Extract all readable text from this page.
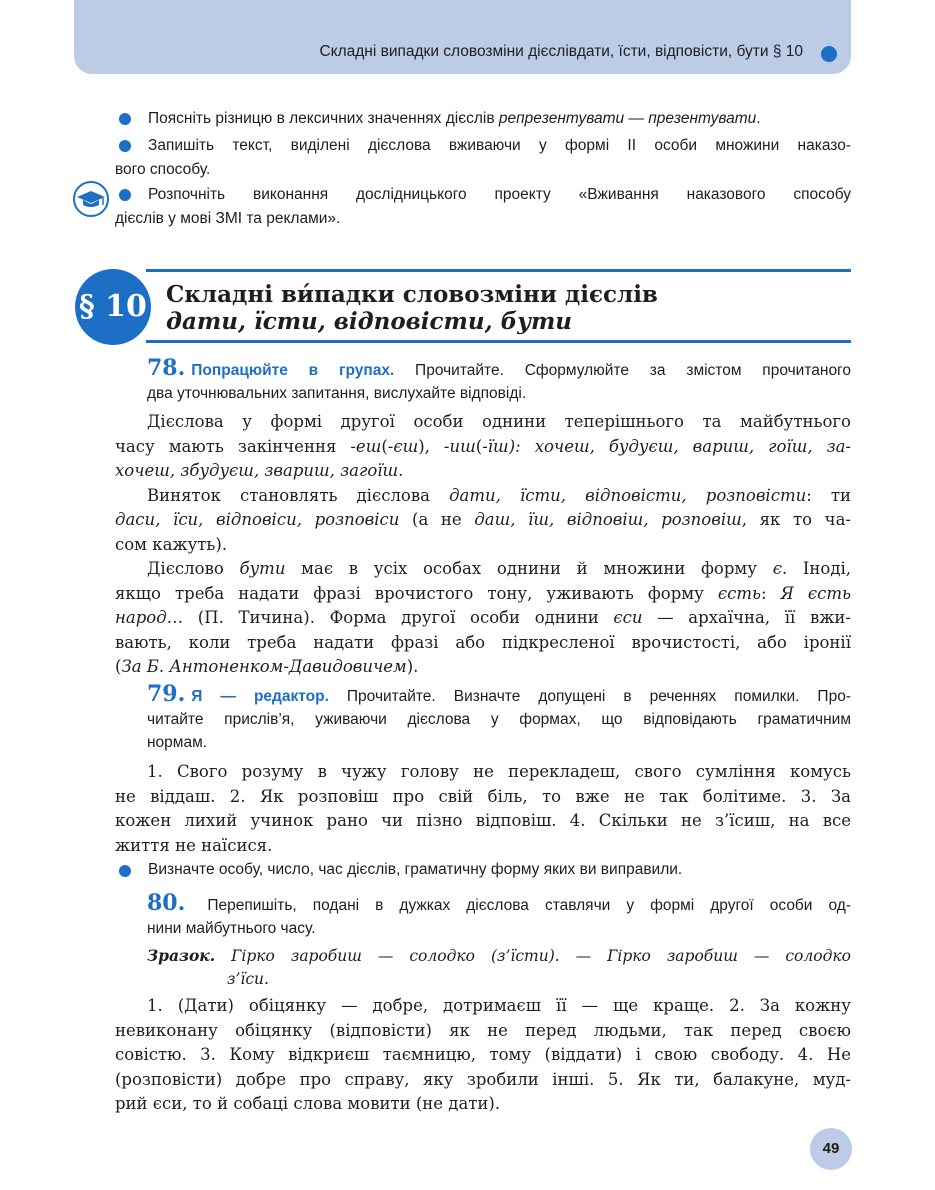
Складні випадки словозміни дієслівдати, їсти, відповісти, бути § 10
Поясніть різницю в лексичних значеннях дієслів репрезентувати — презентувати.
Запишіть текст, виділені дієслова вживаючи у формі ІІ особи множини наказо-
вого способу.
Розпочніть виконання дослідницького проекту «Вживання наказового способу
дієслів у мові ЗМІ та реклами».
§ 10 Складні ви́падки словозміни дієслів
дати, їсти, відповісти, бути
78. Попрацюйте в групах. Прочитайте. Сформулюйте за змістом прочитаного
два уточнювальних запитання, вислухайте відповіді.
Дієслова у формі другої особи однини теперішнього та майбутнього
часу мають закінчення -еш(-єш), -иш(-їш): хочеш, будуєш, вариш, гоїш, за-
хочеш, збудуєш, звариш, загоїш.
Виняток становлять дієслова дати, їсти, відповісти, розповісти: ти
даси, їси, відповіси, розповіси (а не даш, їш, відповіш, розповіш, як то ча-
сом кажуть).
Дієслово бути має в усіх особах однини й множини форму є. Іноді,
якщо треба надати фразі врочистого тону, уживають форму єсть: Я єсть
народ… (П. Тичина). Форма другої особи однини єси — архаїчна, її вжи-
вають, коли треба надати фразі або підкресленої врочистості, або іронії
(За Б. Антоненком-Давидовичем).
79. Я — редактор. Прочитайте. Визначте допущені в реченнях помилки. Про-
читайте прислів’я, уживаючи дієслова у формах, що відповідають граматичним
нормам.
1. Свого розуму в чужу голову не перекладеш, свого сумління комусь
не віддаш. 2. Як розповіш про свій біль, то вже не так болітиме. 3. За
кожен лихий учинок рано чи пізно відповіш. 4. Скільки не з’їсиш, на все
життя не наїсися.
Визначте особу, число, час дієслів, граматичну форму яких ви виправили.
80. Перепишіть, подані в дужках дієслова ставлячи у формі другої особи од-
нини майбутнього часу.
Зразок. Гірко заробиш — солодко (з’їсти). — Гірко заробиш — солодко
з’їси.
1. (Дати) обіцянку — добре, дотримаєш її — ще краще. 2. За кожну
невиконану обіцянку (відповісти) як не перед людьми, так перед своєю
совістю. 3. Кому відкриєш таємницю, тому (віддати) і свою свободу. 4. Не
(розповісти) добре про справу, яку зробили інші. 5. Як ти, балакуне, муд-
рий єси, то й собаці слова мовити (не дати).
49
